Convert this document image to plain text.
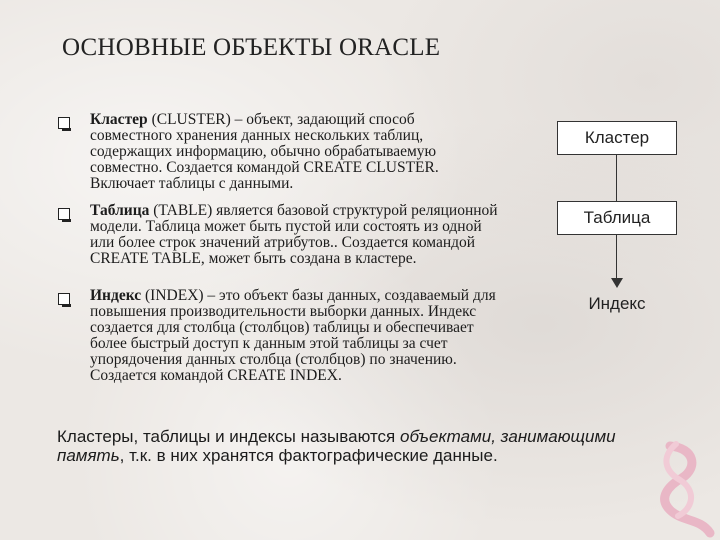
ОСНОВНЫЕ ОБЪЕКТЫ ORACLE
Кластер (CLUSTER) – объект, задающий способ совместного хранения данных нескольких таблиц, содержащих информацию, обычно обрабатываемую совместно. Создается командой CREATE CLUSTER. Включает таблицы с данными.
Таблица (TABLE) является базовой структурой реляционной модели. Таблица может быть пустой или состоять из одной или более строк значений атрибутов.. Создается командой CREATE TABLE, может быть создана в кластере.
Индекс (INDEX) – это объект базы данных, создаваемый для повышения производительности выборки данных. Индекс создается для столбца (столбцов) таблицы и обеспечивает более быстрый доступ к данным этой таблицы за счет упорядочения данных столбца (столбцов) по значению. Создается командой CREATE INDEX.
Кластер
Таблица
Индекс
Кластеры, таблицы и индексы называются объектами, занимающими память, т.к. в них хранятся фактографические данные.
